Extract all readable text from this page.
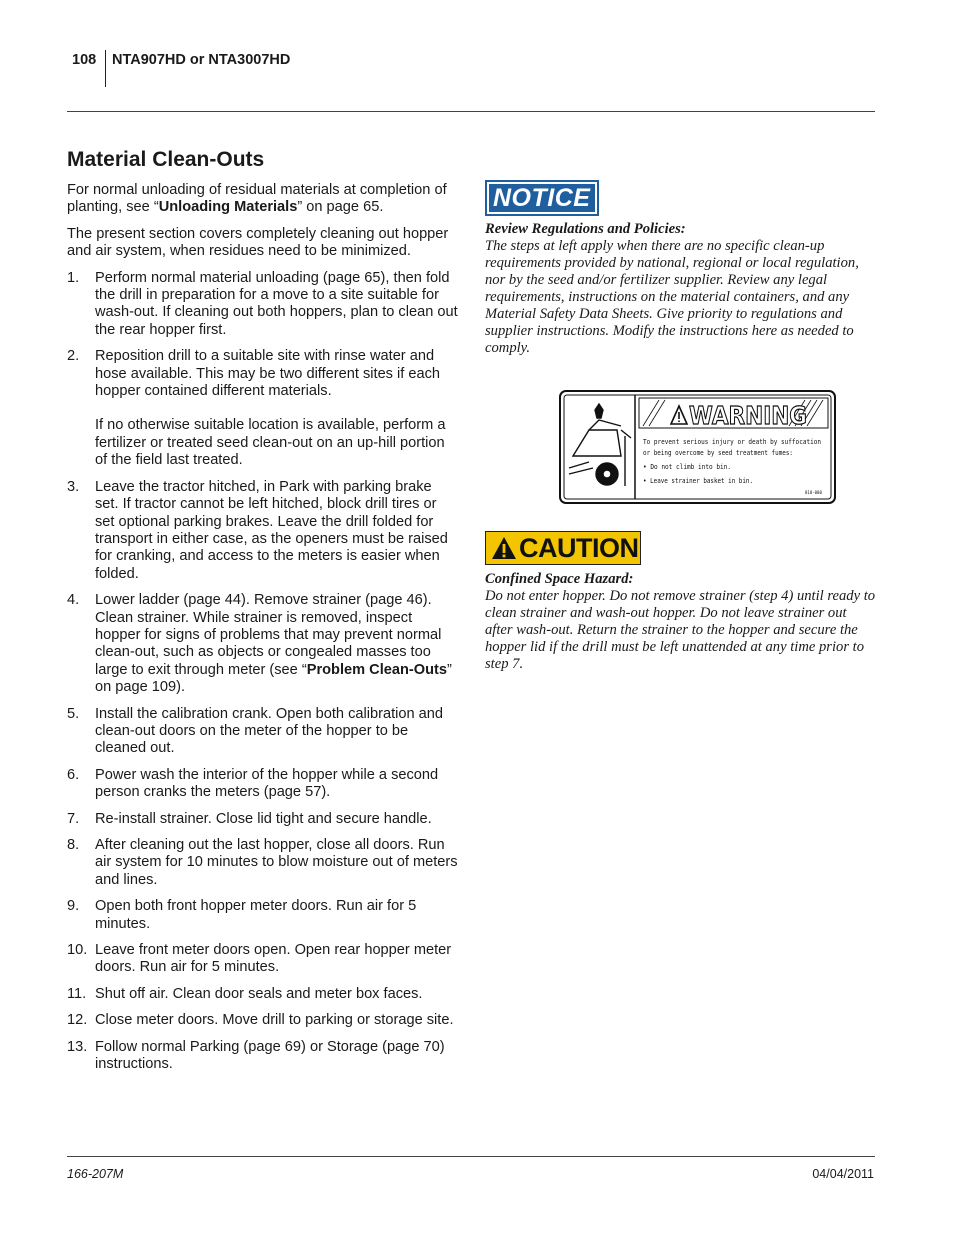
108 NTA907HD or NTA3007HD
Material Clean-Outs

For normal unloading of residual materials at completion of planting, see “Unloading Materials” on page 65.

The present section covers completely cleaning out hopper and air system, when residues need to be minimized.

1. Perform normal material unloading (page 65), then fold the drill in preparation for a move to a site suitable for wash-out. If cleaning out both hoppers, plan to clean out the rear hopper first.
2. Reposition drill to a suitable site with rinse water and hose available. This may be two different sites if each hopper contained different materials.
If no otherwise suitable location is available, perform a fertilizer or treated seed clean-out on an up-hill portion of the field last treated.
3. Leave the tractor hitched, in Park with parking brake set. If tractor cannot be left hitched, block drill tires or set optional parking brakes. Leave the drill folded for transport in either case, as the openers must be raised for cranking, and access to the meters is easier when folded.
4. Lower ladder (page 44). Remove strainer (page 46). Clean strainer. While strainer is removed, inspect hopper for signs of problems that may prevent normal clean-out, such as objects or congealed masses too large to exit through meter (see “Problem Clean-Outs” on page 109).
5. Install the calibration crank. Open both calibration and clean-out doors on the meter of the hopper to be cleaned out.
6. Power wash the interior of the hopper while a second person cranks the meters (page 57).
7. Re-install strainer. Close lid tight and secure handle.
8. After cleaning out the last hopper, close all doors. Run air system for 10 minutes to blow moisture out of meters and lines.
9. Open both front hopper meter doors. Run air for 5 minutes.
10. Leave front meter doors open. Open rear hopper meter doors. Run air for 5 minutes.
11. Shut off air. Clean door seals and meter box faces.
12. Close meter doors. Move drill to parking or storage site.
13. Follow normal Parking (page 69) or Storage (page 70) instructions.
NOTICE
Review Regulations and Policies:
The steps at left apply when there are no specific clean-up requirements provided by national, regional or local regulation, nor by the seed and/or fertilizer supplier. Review any legal requirements, instructions on the material containers, and any Material Safety Data Sheets. Give priority to regulations and supplier instructions. Modify the instructions here as needed to comply.
WARNING
To prevent serious injury or death by suffocation
or being overcome by seed treatment fumes:
• Do not climb into bin.
• Leave strainer basket in bin.
818-000
CAUTION
Confined Space Hazard:
Do not enter hopper. Do not remove strainer (step 4) until ready to clean strainer and wash-out hopper. Do not leave strainer out after wash-out. Return the strainer to the hopper and secure the hopper lid if the drill must be left unattended at any time prior to step 7.
166-207M	04/04/2011
